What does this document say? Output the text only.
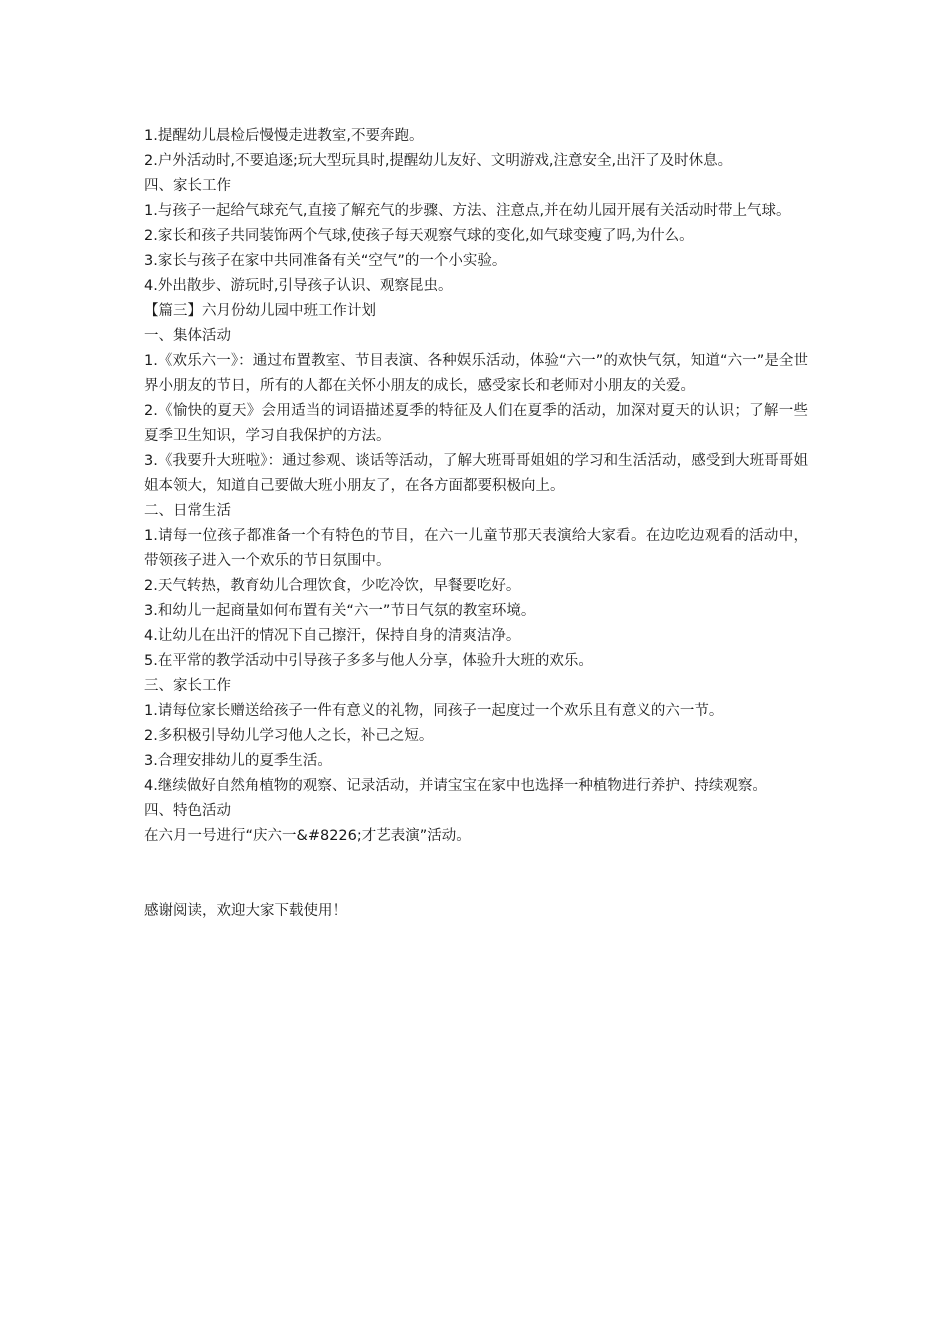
1.提醒幼儿晨检后慢慢走进教室,不要奔跑。

2.户外活动时,不要追逐;玩大型玩具时,提醒幼儿友好、文明游戏,注意安全,出汗了及时休息。

四、家长工作

1.与孩子一起给气球充气,直接了解充气的步骤、方法、注意点,并在幼儿园开展有关活动时带上气球。

2.家长和孩子共同装饰两个气球,使孩子每天观察气球的变化,如气球变瘦了吗,为什么。

3.家长与孩子在家中共同准备有关“空气”的一个小实验。

4.外出散步、游玩时,引导孩子认识、观察昆虫。

【篇三】六月份幼儿园中班工作计划

一、集体活动

1.《欢乐六一》：通过布置教室、节目表演、各种娱乐活动，体验“六一”的欢快气氛，知道“六一”是全世界小朋友的节日，所有的人都在关怀小朋友的成长，感受家长和老师对小朋友的关爱。

2.《愉快的夏天》会用适当的词语描述夏季的特征及人们在夏季的活动，加深对夏天的认识；了解一些夏季卫生知识，学习自我保护的方法。

3.《我要升大班啦》：通过参观、谈话等活动，了解大班哥哥姐姐的学习和生活活动，感受到大班哥哥姐姐本领大，知道自己要做大班小朋友了，在各方面都要积极向上。

二、日常生活

1.请每一位孩子都准备一个有特色的节目，在六一儿童节那天表演给大家看。在边吃边观看的活动中，带领孩子进入一个欢乐的节日氛围中。

2.天气转热，教育幼儿合理饮食，少吃冷饮，早餐要吃好。

3.和幼儿一起商量如何布置有关“六一”节日气氛的教室环境。

4.让幼儿在出汗的情况下自己擦汗，保持自身的清爽洁净。

5.在平常的教学活动中引导孩子多多与他人分享，体验升大班的欢乐。

三、家长工作

1.请每位家长赠送给孩子一件有意义的礼物，同孩子一起度过一个欢乐且有意义的六一节。

2.多积极引导幼儿学习他人之长，补己之短。

3.合理安排幼儿的夏季生活。

4.继续做好自然角植物的观察、记录活动，并请宝宝在家中也选择一种植物进行养护、持续观察。

四、特色活动

在六月一号进行“庆六一&#8226;才艺表演”活动。

感谢阅读，欢迎大家下载使用！
